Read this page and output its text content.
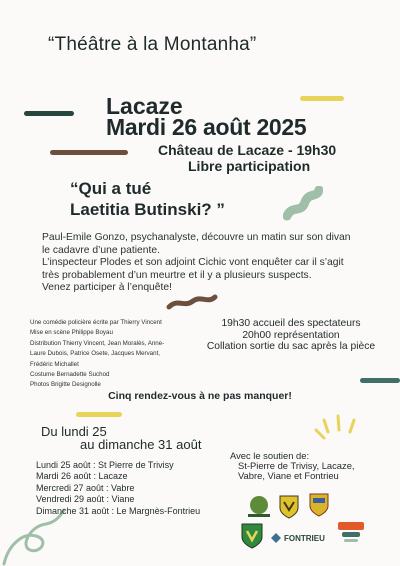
“Théâtre à la Montanha”
Lacaze
Mardi 26 août 2025
Château de Lacaze - 19h30
Libre participation
“Qui a tué
Laetitia Butinski? ”
Paul-Emile Gonzo, psychanalyste, découvre un matin sur son divan
le cadavre d’une patiente.
L’inspecteur Plodes et son adjoint Cichic vont enquêter car il s’agit
très probablement d’un meurtre et il y a plusieurs suspects.
Venez participer à l’enquête!
Une comédie policière écrite par Thierry Vincent
Mise en scène Philippe Boyau
Distribution Thierry Vincent, Jean Moralès, Anne-
Laure Dubois, Patrice Osete, Jacques Mervant,
Frédéric Michallet
Costume Bernadette Suchod
Photos Brigitte Designolle
19h30 accueil des spectateurs
20h00 représentation
Collation sortie du sac après la pièce
Cinq rendez-vous à ne pas manquer!
Du lundi 25
au dimanche 31 août
Lundi 25 août : St Pierre de Trivisy
Mardi 26 août : Lacaze
Mercredi 27 août : Vabre
Vendredi 29 août : Viane
Dimanche 31 août : Le Margnès-Fontrieu
Avec le soutien de:
St-Pierre de Trivisy, Lacaze,
Vabre, Viane et Fontrieu
FONTRIEU
